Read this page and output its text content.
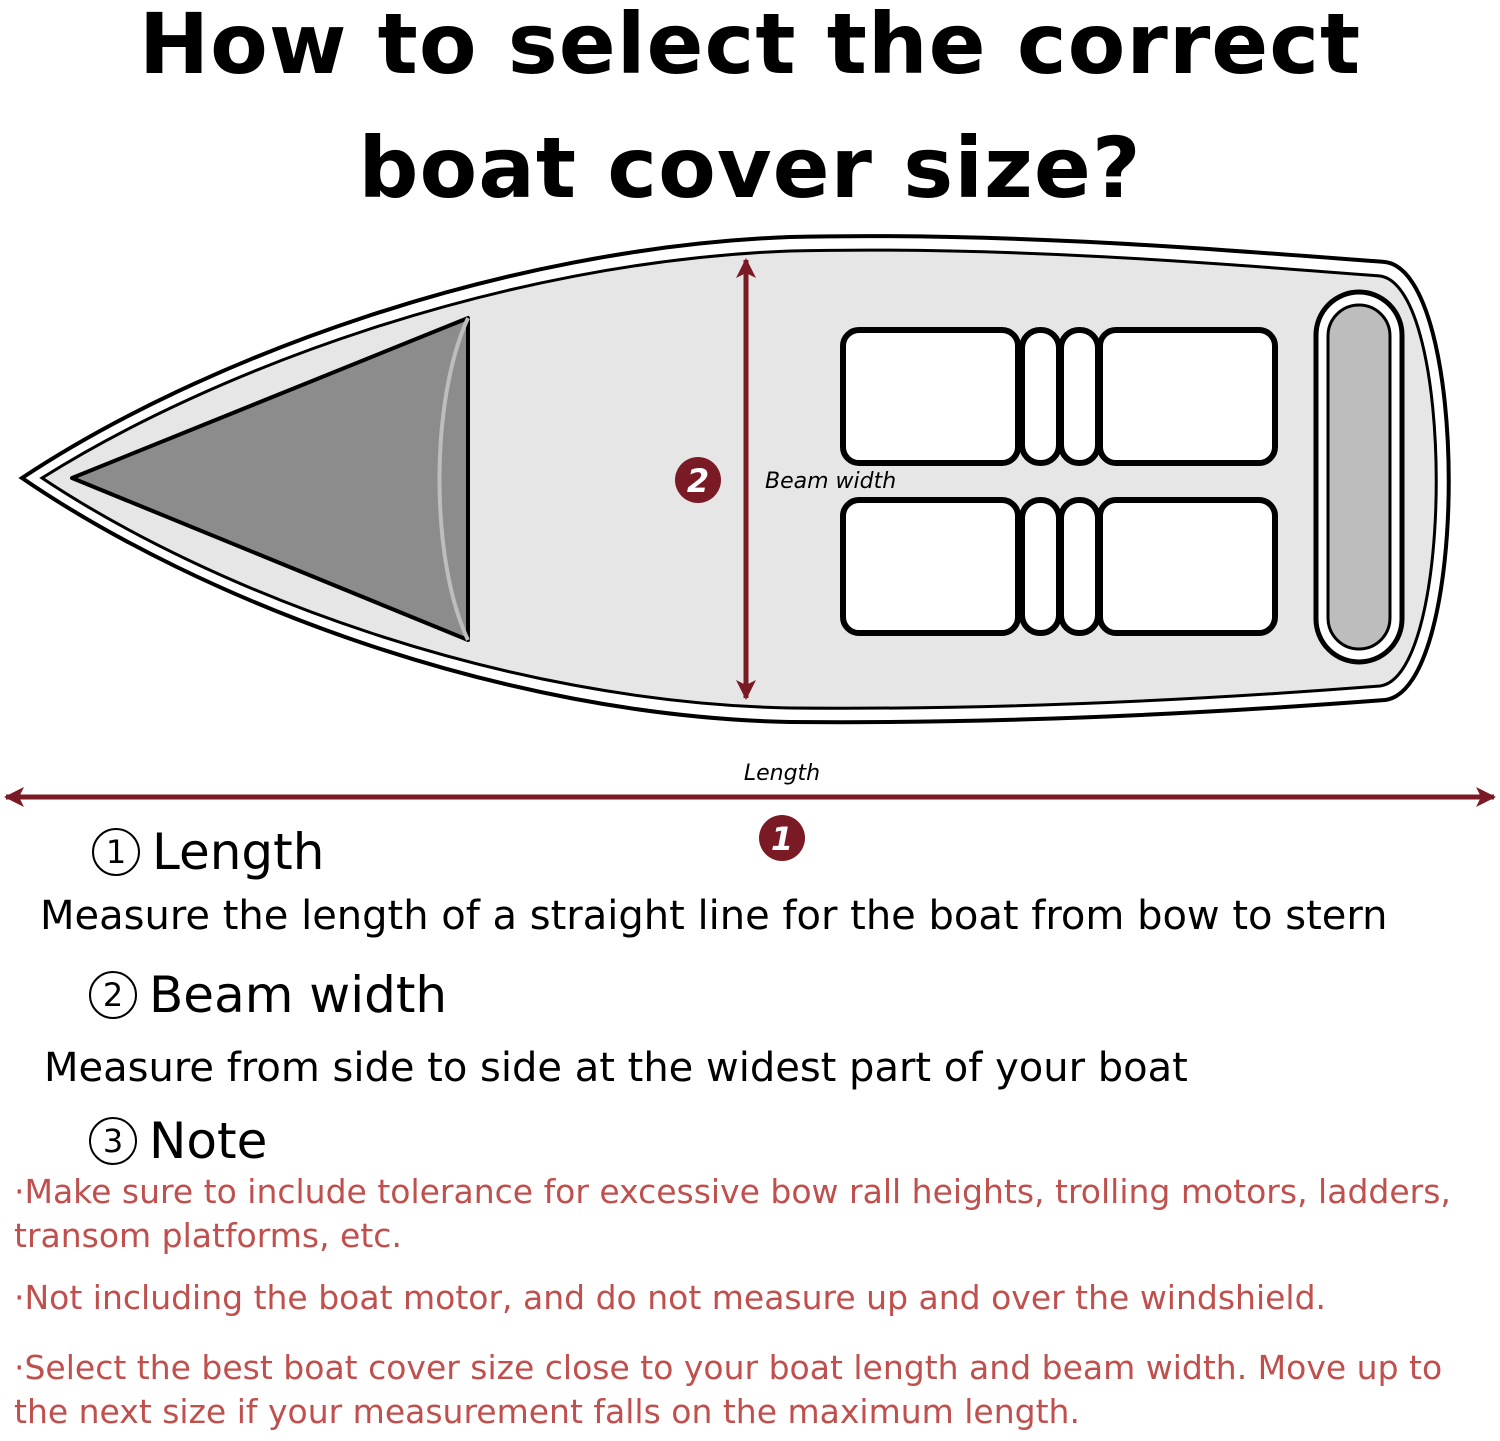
How to select the correct
boat cover size?
2	Beam width
Length
1
1 Length
Measure the length of a straight line for the boat from bow to stern
2 Beam width
Measure from side to side at the widest part of your boat
3 Note
·Make sure to include tolerance for excessive bow rall heights, trolling motors, ladders, transom platforms, etc.
·Not including the boat motor, and do not measure up and over the windshield.
·Select the best boat cover size close to your boat length and beam width. Move up to the next size if your measurement falls on the maximum length.
